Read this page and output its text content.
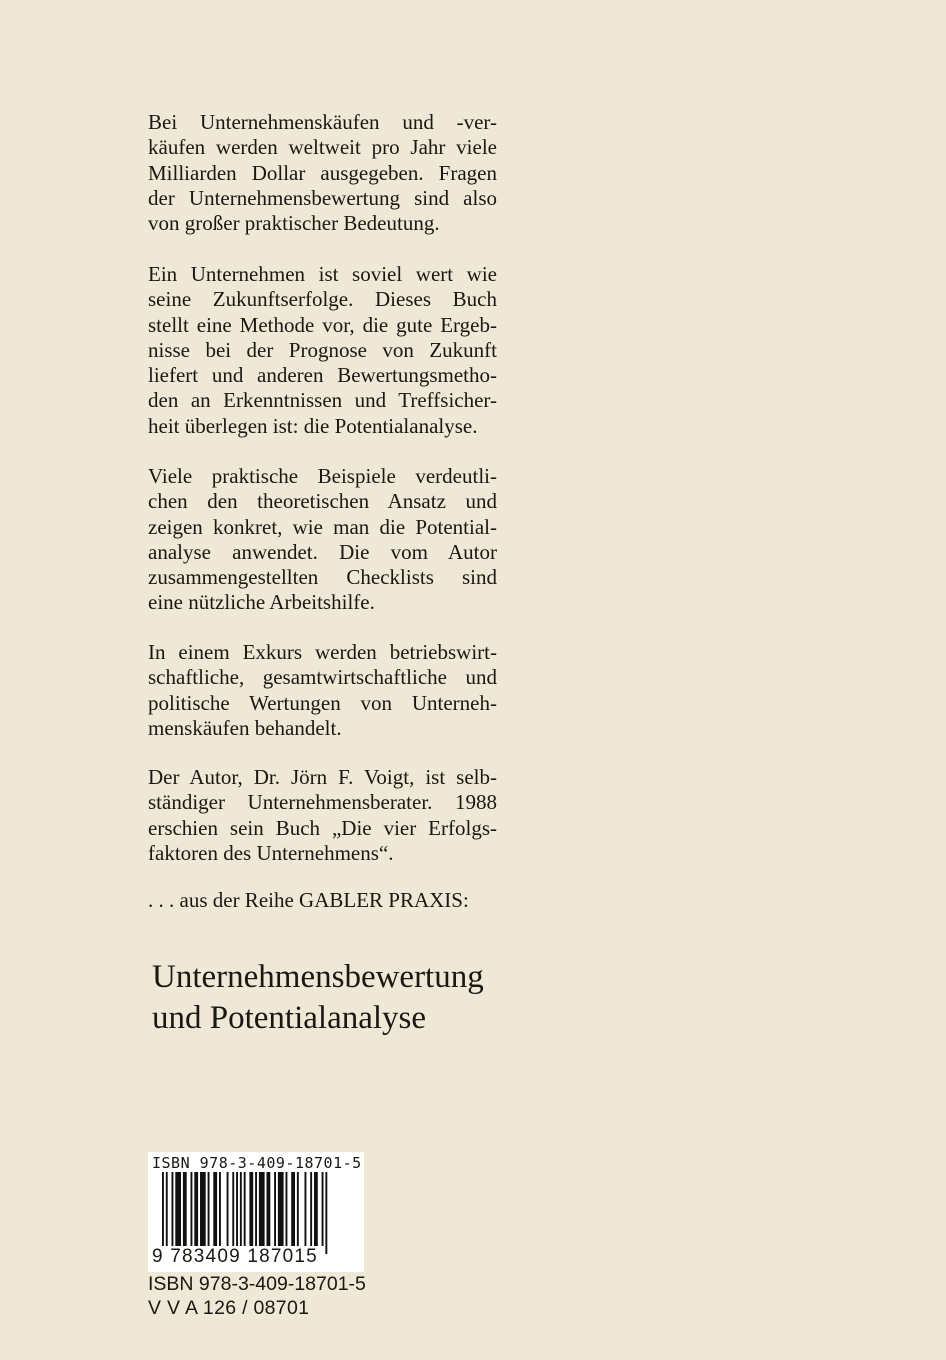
Bei Unternehmenskäufen und -ver-
käufen werden weltweit pro Jahr viele
Milliarden Dollar ausgegeben. Fragen
der Unternehmensbewertung sind also
von großer praktischer Bedeutung.

Ein Unternehmen ist soviel wert wie
seine Zukunftserfolge. Dieses Buch
stellt eine Methode vor, die gute Ergeb-
nisse bei der Prognose von Zukunft
liefert und anderen Bewertungsmetho-
den an Erkenntnissen und Treffsicher-
heit überlegen ist: die Potentialanalyse.

Viele praktische Beispiele verdeutli-
chen den theoretischen Ansatz und
zeigen konkret, wie man die Potential-
analyse anwendet. Die vom Autor
zusammengestellten Checklists sind
eine nützliche Arbeitshilfe.

In einem Exkurs werden betriebswirt-
schaftliche, gesamtwirtschaftliche und
politische Wertungen von Unterneh-
menskäufen behandelt.

Der Autor, Dr. Jörn F. Voigt, ist selb-
ständiger Unternehmensberater. 1988
erschien sein Buch „Die vier Erfolgs-
faktoren des Unternehmens“.

. . . aus der Reihe GABLER PRAXIS:

Unternehmensbewertung
und Potentialanalyse
ISBN 978-3-409-18701-5
9 783409 187015

ISBN 978-3-409-18701-5

V V A 126 / 08701
